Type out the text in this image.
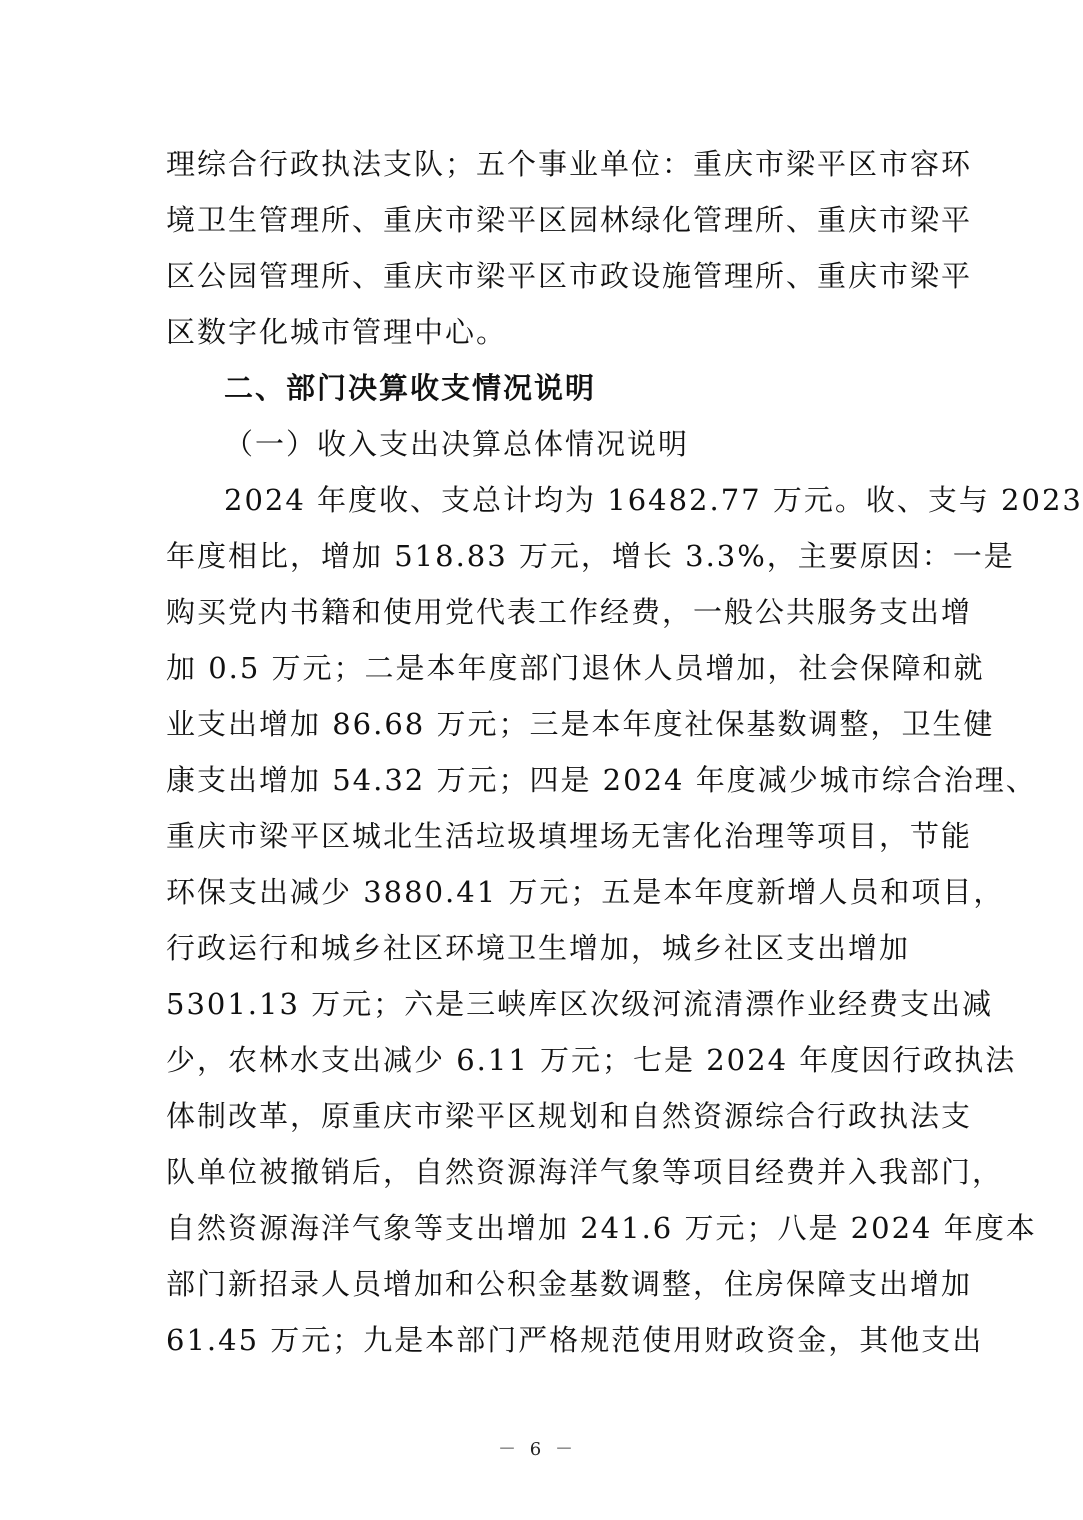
理综合行政执法支队；五个事业单位：重庆市梁平区市容环
境卫生管理所、重庆市梁平区园林绿化管理所、重庆市梁平
区公园管理所、重庆市梁平区市政设施管理所、重庆市梁平
区数字化城市管理中心。
二、部门决算收支情况说明
（一）收入支出决算总体情况说明
2024 年度收、支总计均为 16482.77 万元。收、支与 2023
年度相比，增加 518.83 万元，增长 3.3%，主要原因：一是
购买党内书籍和使用党代表工作经费，一般公共服务支出增
加 0.5 万元；二是本年度部门退休人员增加，社会保障和就
业支出增加 86.68 万元；三是本年度社保基数调整，卫生健
康支出增加 54.32 万元；四是 2024 年度减少城市综合治理、
重庆市梁平区城北生活垃圾填埋场无害化治理等项目，节能
环保支出减少 3880.41 万元；五是本年度新增人员和项目，
行政运行和城乡社区环境卫生增加，城乡社区支出增加
5301.13 万元；六是三峡库区次级河流清漂作业经费支出减
少，农林水支出减少 6.11 万元；七是 2024 年度因行政执法
体制改革，原重庆市梁平区规划和自然资源综合行政执法支
队单位被撤销后，自然资源海洋气象等项目经费并入我部门，
自然资源海洋气象等支出增加 241.6 万元；八是 2024 年度本
部门新招录人员增加和公积金基数调整，住房保障支出增加
61.45 万元；九是本部门严格规范使用财政资金，其他支出
－ 6 －
